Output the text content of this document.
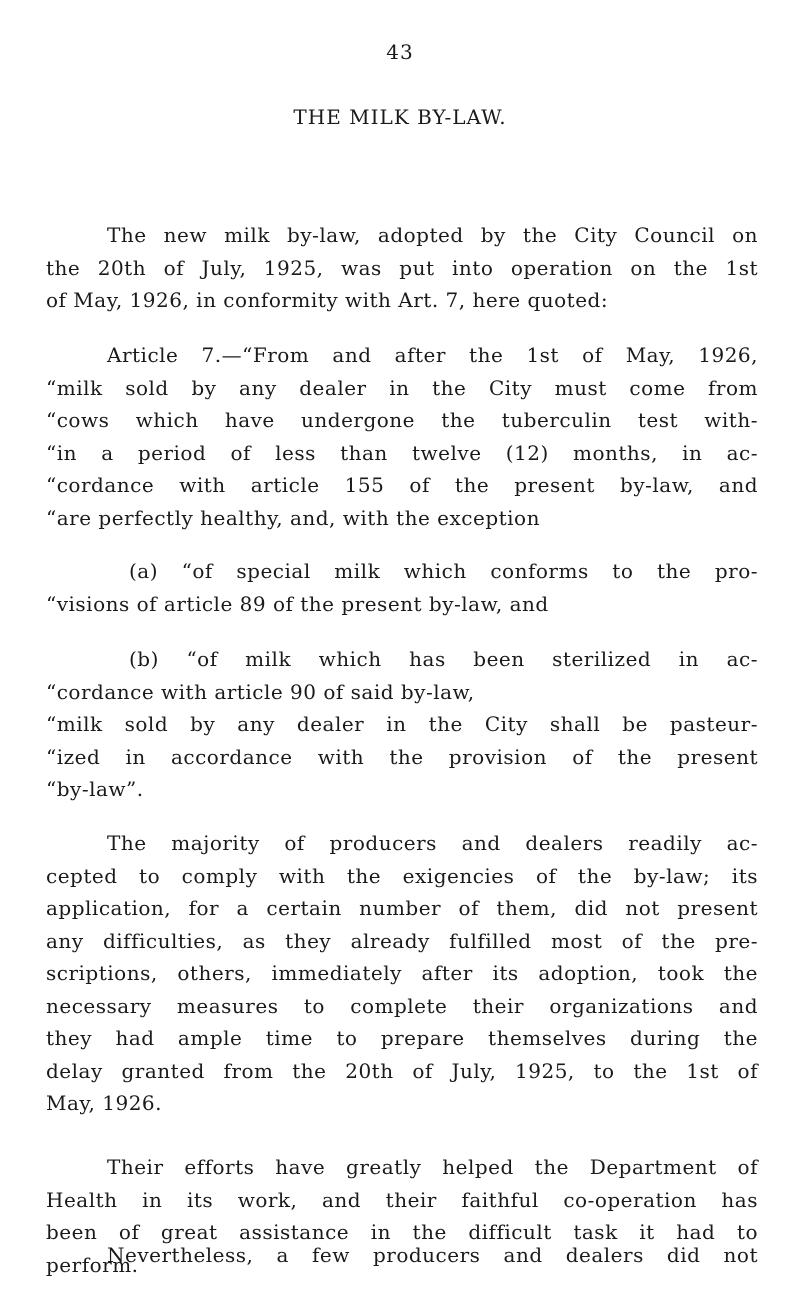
43
THE MILK BY-LAW.
The new milk by-law, adopted by the City Council on
the 20th of July, 1925, was put into operation on the 1st
of May, 1926, in conformity with Art. 7, here quoted:
Article 7.—“From and after the 1st of May, 1926,
“milk sold by any dealer in the City must come from
“cows which have undergone the tuberculin test with-
“in a period of less than twelve (12) months, in ac-
“cordance with article 155 of the present by-law, and
“are perfectly healthy, and, with the exception
(a) “of special milk which conforms to the pro-
“visions of article 89 of the present by-law, and
(b) “of milk which has been sterilized in ac-
“cordance with article 90 of said by-law,
“milk sold by any dealer in the City shall be pasteur-
“ized in accordance with the provision of the present
“by-law”.
The majority of producers and dealers readily ac-
cepted to comply with the exigencies of the by-law; its
application, for a certain number of them, did not present
any difficulties, as they already fulfilled most of the pre-
scriptions, others, immediately after its adoption, took the
necessary measures to complete their organizations and
they had ample time to prepare themselves during the
delay granted from the 20th of July, 1925, to the 1st of
May, 1926.
Their efforts have greatly helped the Department of
Health in its work, and their faithful co-operation has
been of great assistance in the difficult task it had to
perform.
Nevertheless, a few producers and dealers did not
